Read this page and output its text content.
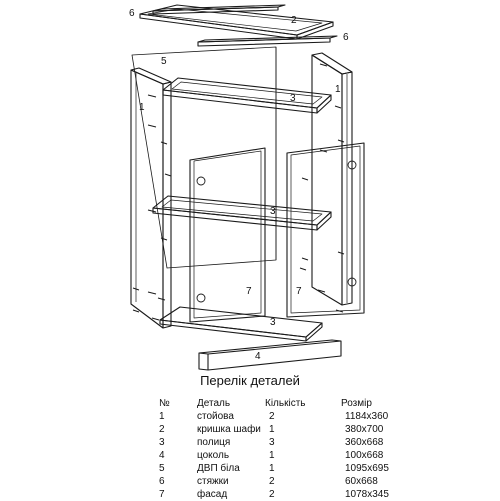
6
2
6
5
1
3
1
3
7	7
3
4
Перелік деталей
№	Деталь	Кількість	Розмір
1	стойова	2	1184x360
2	кришка шафи	1	380x700
3	полиця	3	360x668
4	цоколь	1	100x668
5	ДВП біла	1	1095x695
6	стяжки	2	60x668
7	фасад	2	1078x345
